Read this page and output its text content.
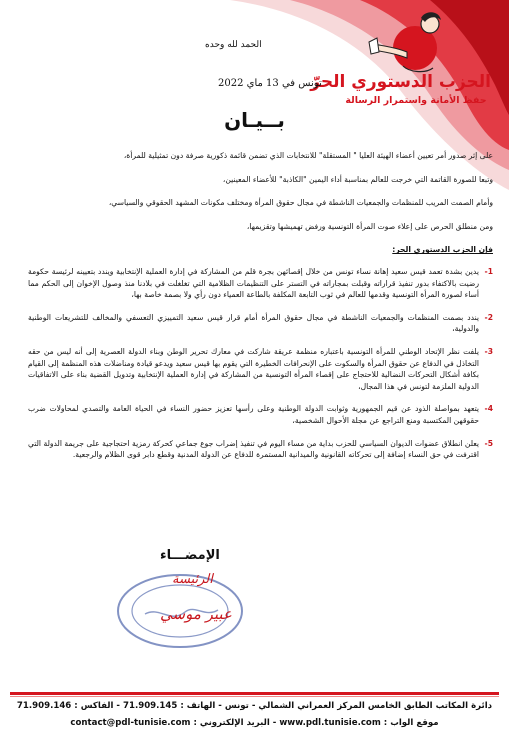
الحزب الدستوري الحرّ
حفظ الأمانة واستمرار الرسالة
الحمد لله وحده
تونس في 13 ماي 2022
بــيـان

على إثر صدور أمر تعيين أعضاء الهيئة العليا " المستقلة" للانتخابات الذي تضمن قائمة ذكورية صرفة دون تمثيلية للمرأة،

وتبعا للصورة القاتمة التي خرجت للعالم بمناسبة أداء اليمين "الكاذبة" للأعضاء المعينين،

وأمام الصمت المريب للمنظمات والجمعيات الناشطة في مجال حقوق المرأة ومختلف مكونات المشهد الحقوقي والسياسي،

ومن منطلق الحرص على إعلاء صوت المرأة التونسية ورفض تهميشها وتقزيمها،

فإن الحزب الدستوري الحر:
1-
يدين بشدة تعمد قيس سعيد إهانة نساء تونس من خلال إقصائهن بجرة قلم من المشاركة في إدارة العملية الإنتخابية ويندد بتعيينه لرئيسة حكومة رضيت بالاكتفاء بدور تنفيذ قراراته وقبلت بمجاراته في التستر على التنظيمات الظلامية التي تغلغلت في بلادنا منذ وصول الإخوان إلى الحكم مما أساء لصورة المرأة التونسية وقدمها للعالم في ثوب التابعة المكلفة بالطاعة العمياء دون رأي ولا بصمة خاصة بها،
2-
يندد بصمت المنظمات والجمعيات الناشطة في مجال حقوق المرأة أمام قرار قيس سعيد التمييزي التعسفي والمخالف للتشريعات الوطنية والدولية،
3-
يلفت نظر الإتحاد الوطني للمرأة التونسية باعتباره منظمة عريقة شاركت في معارك تحرير الوطن وبناء الدولة العصرية إلى أنه ليس من حقه التخاذل في الدفاع عن حقوق المرأة والسكوت على الإنحرافات الخطيرة التي يقوم بها قيس سعيد ويدعو قيادة ومناضلات هذه المنظمة إلى القيام بكافة أشكال التحركات النضالية للاحتجاج على إقصاء المرأة التونسية من المشاركة في إدارة العملية الإنتخابية وتدويل القضية بناء على الاتفاقيات الدولية الملزمة لتونس في هذا المجال،
4-
يتعهد بمواصلة الذود عن قيم الجمهورية وثوابت الدولة الوطنية وعلى رأسها تعزيز حضور النساء في الحياة العامة والتصدي لمحاولات ضرب حقوقهن المكتسبة ومنع التراجع عن مجلة الأحوال الشخصية،
5-
يعلن انطلاق عضوات الديوان السياسي للحزب بداية من مساء اليوم في تنفيذ إضراب جوع جماعي كحركة رمزية احتجاجية على جريمة الدولة التي اقترفت في حق النساء إضافة إلى تحركاته القانونية والميدانية المستمرة للدفاع عن الدولة المدنية وقطع دابر قوى الظلام والرجعية.
الإمضـــاء
الرئيسة
عبير موسي
دائرة المكاتب الطابق الخامس المركز العمراني الشمالي - تونس - الهاتف : 71.909.145 - الفاكس : 71.909.146
موقع الواب : www.pdl.tunisie.com - البريد الإلكتروني : contact@pdl-tunisie.com
